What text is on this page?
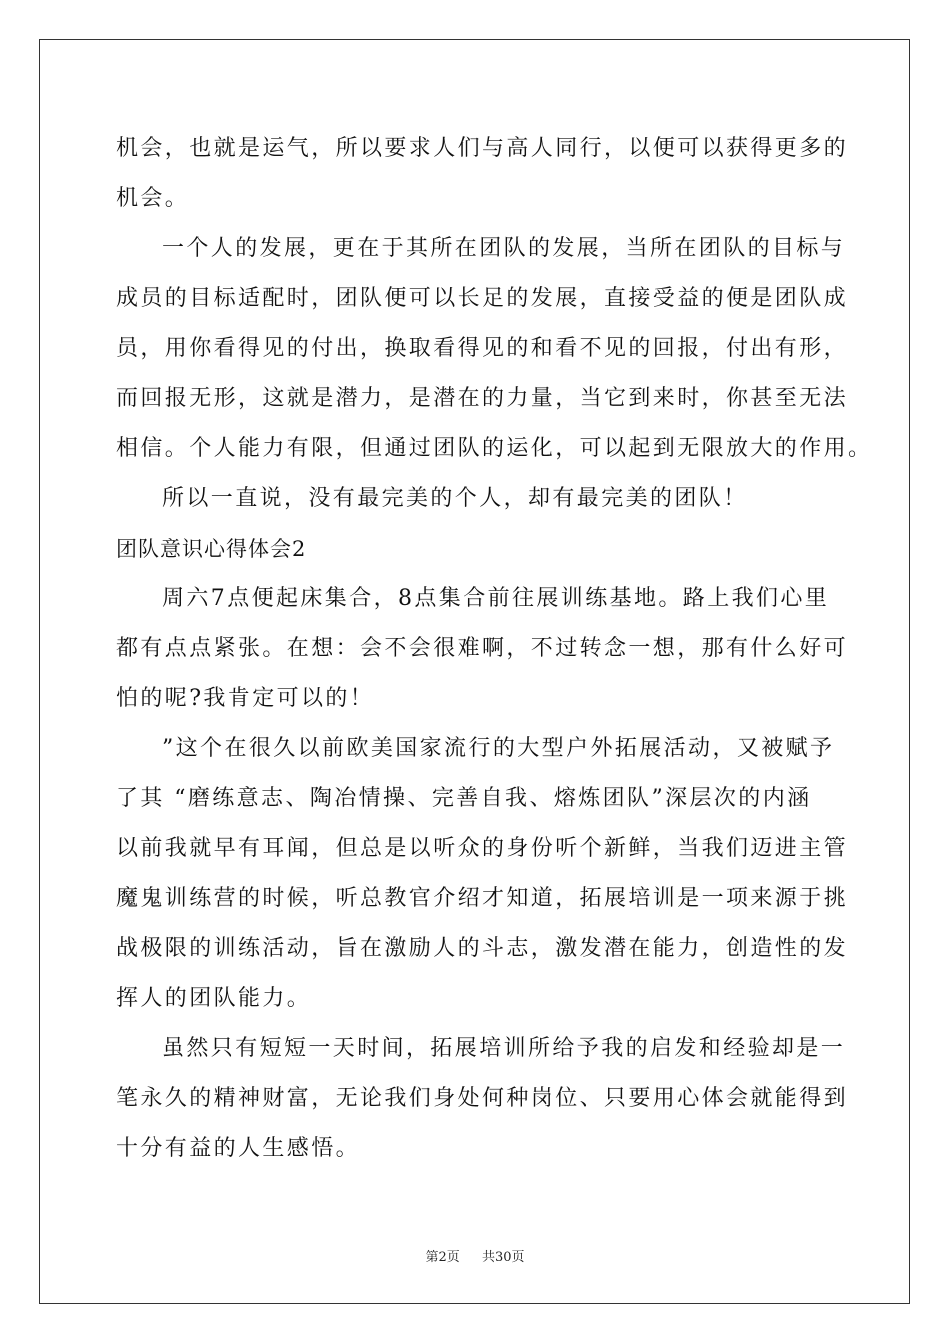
机会，也就是运气，所以要求人们与高人同行，以便可以获得更多的
机会。
一个人的发展，更在于其所在团队的发展，当所在团队的目标与
成员的目标适配时，团队便可以长足的发展，直接受益的便是团队成
员，用你看得见的付出，换取看得见的和看不见的回报，付出有形，
而回报无形，这就是潜力，是潜在的力量，当它到来时，你甚至无法
相信。个人能力有限，但通过团队的运化，可以起到无限放大的作用。
所以一直说，没有最完美的个人，却有最完美的团队！
团队意识心得体会2
周六7点便起床集合，8点集合前往展训练基地。路上我们心里
都有点点紧张。在想：会不会很难啊，不过转念一想，那有什么好可
怕的呢?我肯定可以的！
”这个在很久以前欧美国家流行的大型户外拓展活动，又被赋予
了其 “磨练意志、陶冶情操、完善自我、熔炼团队”深层次的内涵
以前我就早有耳闻，但总是以听众的身份听个新鲜，当我们迈进主管
魔鬼训练营的时候，听总教官介绍才知道，拓展培训是一项来源于挑
战极限的训练活动，旨在激励人的斗志，激发潜在能力，创造性的发
挥人的团队能力。
虽然只有短短一天时间，拓展培训所给予我的启发和经验却是一
笔永久的精神财富，无论我们身处何种岗位、只要用心体会就能得到
十分有益的人生感悟。
第2页 共30页
